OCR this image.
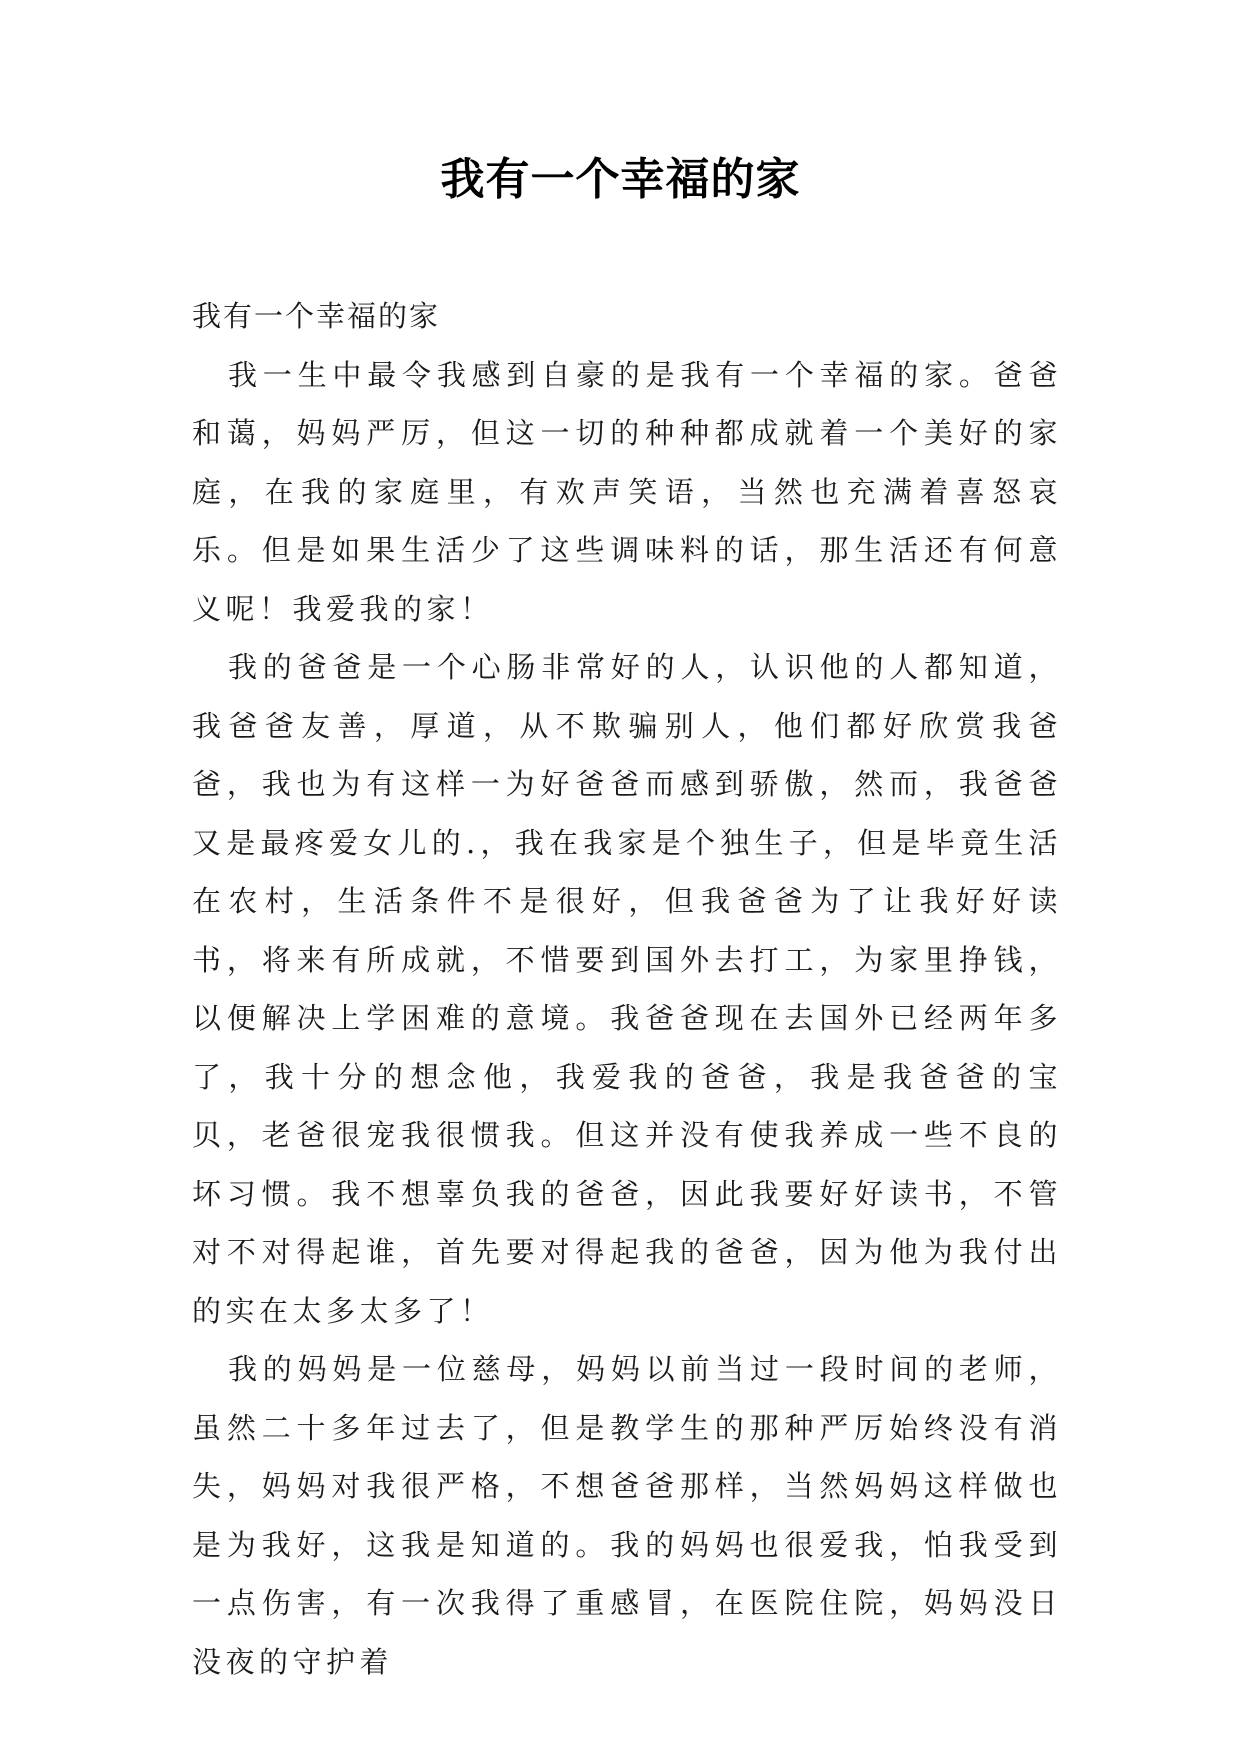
我有一个幸福的家

我有一个幸福的家

我一生中最令我感到自豪的是我有一个幸福的家。爸爸和蔼，妈妈严厉，但这一切的种种都成就着一个美好的家庭，在我的家庭里，有欢声笑语，当然也充满着喜怒哀乐。但是如果生活少了这些调味料的话，那生活还有何意义呢！我爱我的家！

我的爸爸是一个心肠非常好的人，认识他的人都知道，我爸爸友善，厚道，从不欺骗别人，他们都好欣赏我爸爸，我也为有这样一为好爸爸而感到骄傲，然而，我爸爸又是最疼爱女儿的.，我在我家是个独生子，但是毕竟生活在农村，生活条件不是很好，但我爸爸为了让我好好读书，将来有所成就，不惜要到国外去打工，为家里挣钱，以便解决上学困难的意境。我爸爸现在去国外已经两年多了，我十分的想念他，我爱我的爸爸，我是我爸爸的宝贝，老爸很宠我很惯我。但这并没有使我养成一些不良的坏习惯。我不想辜负我的爸爸，因此我要好好读书，不管对不对得起谁，首先要对得起我的爸爸，因为他为我付出的实在太多太多了！

我的妈妈是一位慈母，妈妈以前当过一段时间的老师，虽然二十多年过去了，但是教学生的那种严厉始终没有消失，妈妈对我很严格，不想爸爸那样，当然妈妈这样做也是为我好，这我是知道的。我的妈妈也很爱我，怕我受到一点伤害，有一次我得了重感冒，在医院住院，妈妈没日没夜的守护着
